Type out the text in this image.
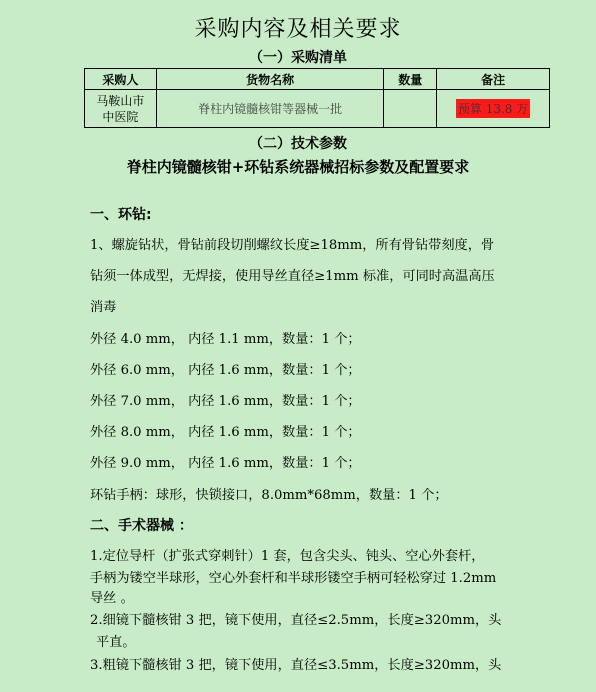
采购内容及相关要求
（一）采购清单
采购人	货物名称	数量	备注
马鞍山市
中医院	脊柱内镜髓核钳等器械一批		预算 13.8 万
（二）技术参数
脊柱内镜髓核钳+环钻系统器械招标参数及配置要求
一、环钻:
1、螺旋钻状，骨钻前段切削螺纹长度≥18mm，所有骨钻带刻度，骨
钻须一体成型，无焊接，使用导丝直径≥1mm 标准，可同时高温高压
消毒
外径 4.0 mm， 内径 1.1 mm，数量：1 个；
外径 6.0 mm， 内径 1.6 mm，数量：1 个；
外径 7.0 mm， 内径 1.6 mm，数量：1 个；
外径 8.0 mm， 内径 1.6 mm，数量：1 个；
外径 9.0 mm， 内径 1.6 mm，数量：1 个；
环钻手柄：球形，快锁接口，8.0mm*68mm，数量：1 个；
二、手术器械 ：
1.定位导杆（扩张式穿刺针）1 套，包含尖头、钝头、空心外套杆，
手柄为镂空半球形，空心外套杆和半球形镂空手柄可轻松穿过 1.2mm
导丝 。
2.细镜下髓核钳 3 把，镜下使用，直径≤2.5mm，长度≥320mm，头
平直。
3.粗镜下髓核钳 3 把，镜下使用，直径≤3.5mm，长度≥320mm，头
